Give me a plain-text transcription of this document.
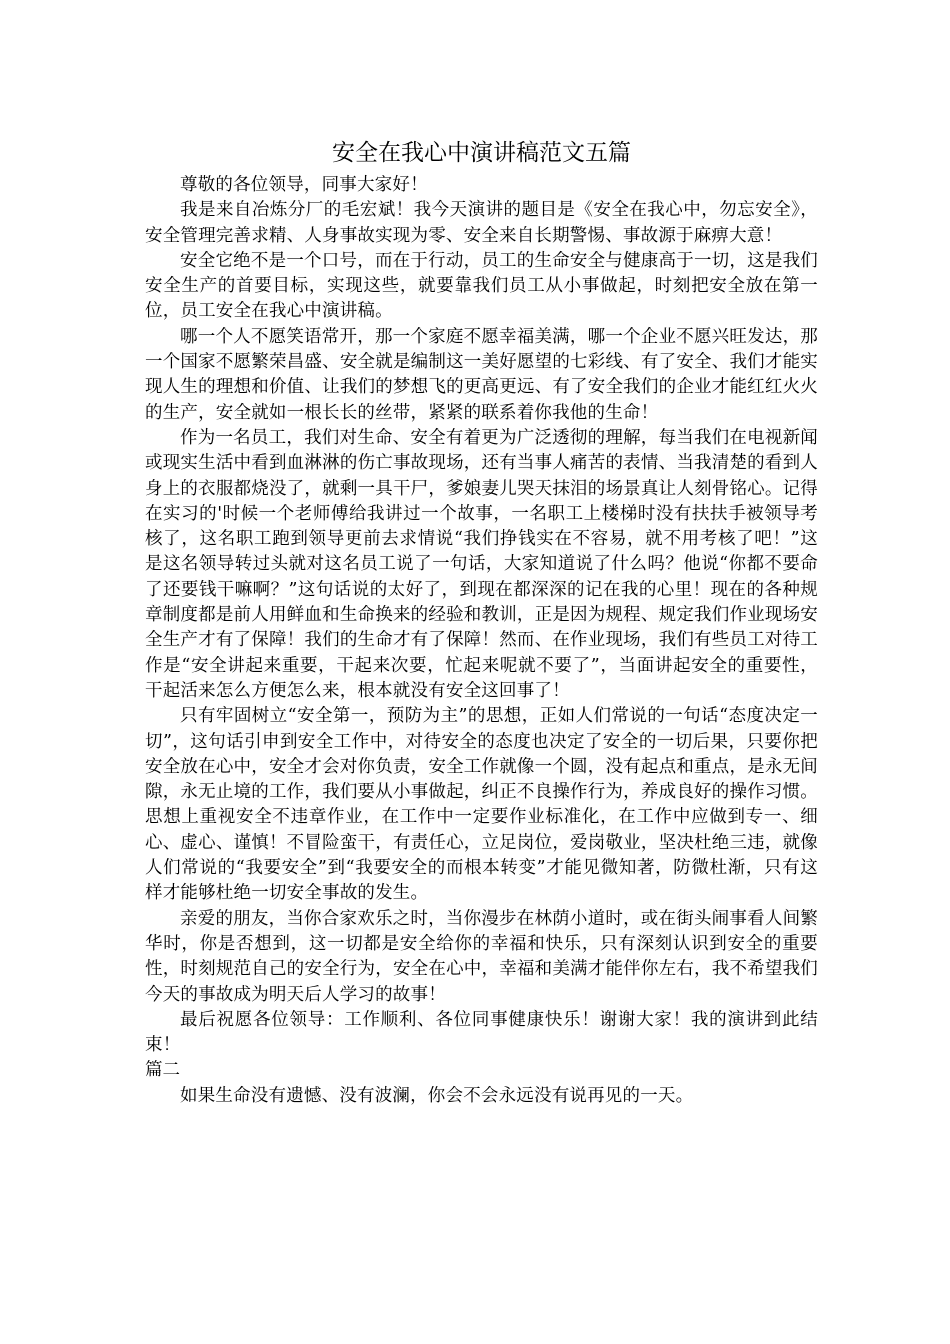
安全在我心中演讲稿范文五篇

尊敬的各位领导，同事大家好！

我是来自冶炼分厂的毛宏斌！我今天演讲的题目是《安全在我心中，勿忘安全》，安全管理完善求精、人身事故实现为零、安全来自长期警惕、事故源于麻痹大意！

安全它绝不是一个口号，而在于行动，员工的生命安全与健康高于一切，这是我们安全生产的首要目标，实现这些，就要靠我们员工从小事做起，时刻把安全放在第一位，员工安全在我心中演讲稿。

哪一个人不愿笑语常开，那一个家庭不愿幸福美满，哪一个企业不愿兴旺发达，那一个国家不愿繁荣昌盛、安全就是编制这一美好愿望的七彩线、有了安全、我们才能实现人生的理想和价值、让我们的梦想飞的更高更远、有了安全我们的企业才能红红火火的生产，安全就如一根长长的丝带，紧紧的联系着你我他的生命！

作为一名员工，我们对生命、安全有着更为广泛透彻的理解，每当我们在电视新闻或现实生活中看到血淋淋的伤亡事故现场，还有当事人痛苦的表情、当我清楚的看到人身上的衣服都烧没了，就剩一具干尸，爹娘妻儿哭天抹泪的场景真让人刻骨铭心。记得在实习的'时候一个老师傅给我讲过一个故事，一名职工上楼梯时没有扶扶手被领导考核了，这名职工跑到领导更前去求情说“我们挣钱实在不容易，就不用考核了吧！”这是这名领导转过头就对这名员工说了一句话，大家知道说了什么吗？他说“你都不要命了还要钱干嘛啊？”这句话说的太好了，到现在都深深的记在我的心里！现在的各种规章制度都是前人用鲜血和生命换来的经验和教训，正是因为规程、规定我们作业现场安全生产才有了保障！我们的生命才有了保障！然而、在作业现场，我们有些员工对待工作是“安全讲起来重要，干起来次要，忙起来呢就不要了”，当面讲起安全的重要性，干起活来怎么方便怎么来，根本就没有安全这回事了！

只有牢固树立“安全第一，预防为主”的思想，正如人们常说的一句话“态度决定一切”，这句话引申到安全工作中，对待安全的态度也决定了安全的一切后果，只要你把安全放在心中，安全才会对你负责，安全工作就像一个圆，没有起点和重点，是永无间隙，永无止境的工作，我们要从小事做起，纠正不良操作行为，养成良好的操作习惯。思想上重视安全不违章作业，在工作中一定要作业标准化，在工作中应做到专一、细心、虚心、谨慎！不冒险蛮干，有责任心，立足岗位，爱岗敬业，坚决杜绝三违，就像人们常说的“我要安全”到“我要安全的而根本转变”才能见微知著，防微杜渐，只有这样才能够杜绝一切安全事故的发生。

亲爱的朋友，当你合家欢乐之时，当你漫步在林荫小道时，或在街头闹事看人间繁华时，你是否想到，这一切都是安全给你的幸福和快乐，只有深刻认识到安全的重要性，时刻规范自己的安全行为，安全在心中，幸福和美满才能伴你左右，我不希望我们今天的事故成为明天后人学习的故事！

最后祝愿各位领导：工作顺利、各位同事健康快乐！谢谢大家！我的演讲到此结束！

篇二

如果生命没有遗憾、没有波澜，你会不会永远没有说再见的一天。
